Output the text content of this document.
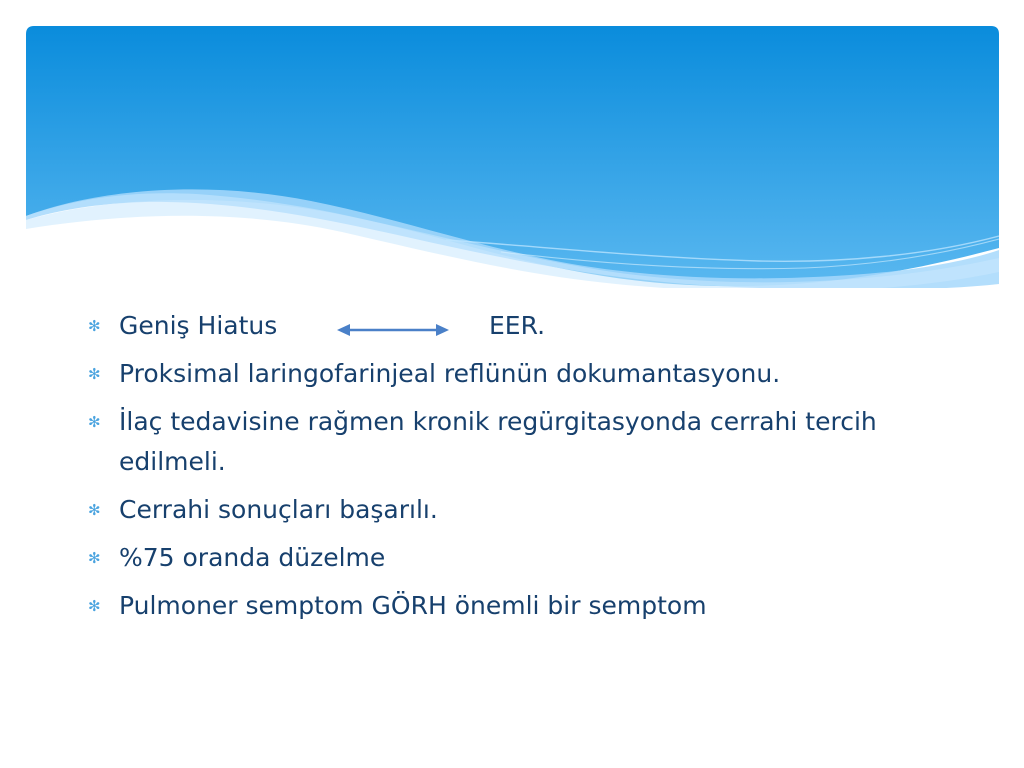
✻ Geniş Hiatus	EER.
✻ Proksimal laringofarinjeal reflünün dokumantasyonu.
✻ İlaç tedavisine rağmen kronik regürgitasyonda cerrahi tercih edilmeli.
✻ Cerrahi sonuçları başarılı.
✻ %75 oranda düzelme
✻ Pulmoner semptom GÖRH önemli bir semptom
